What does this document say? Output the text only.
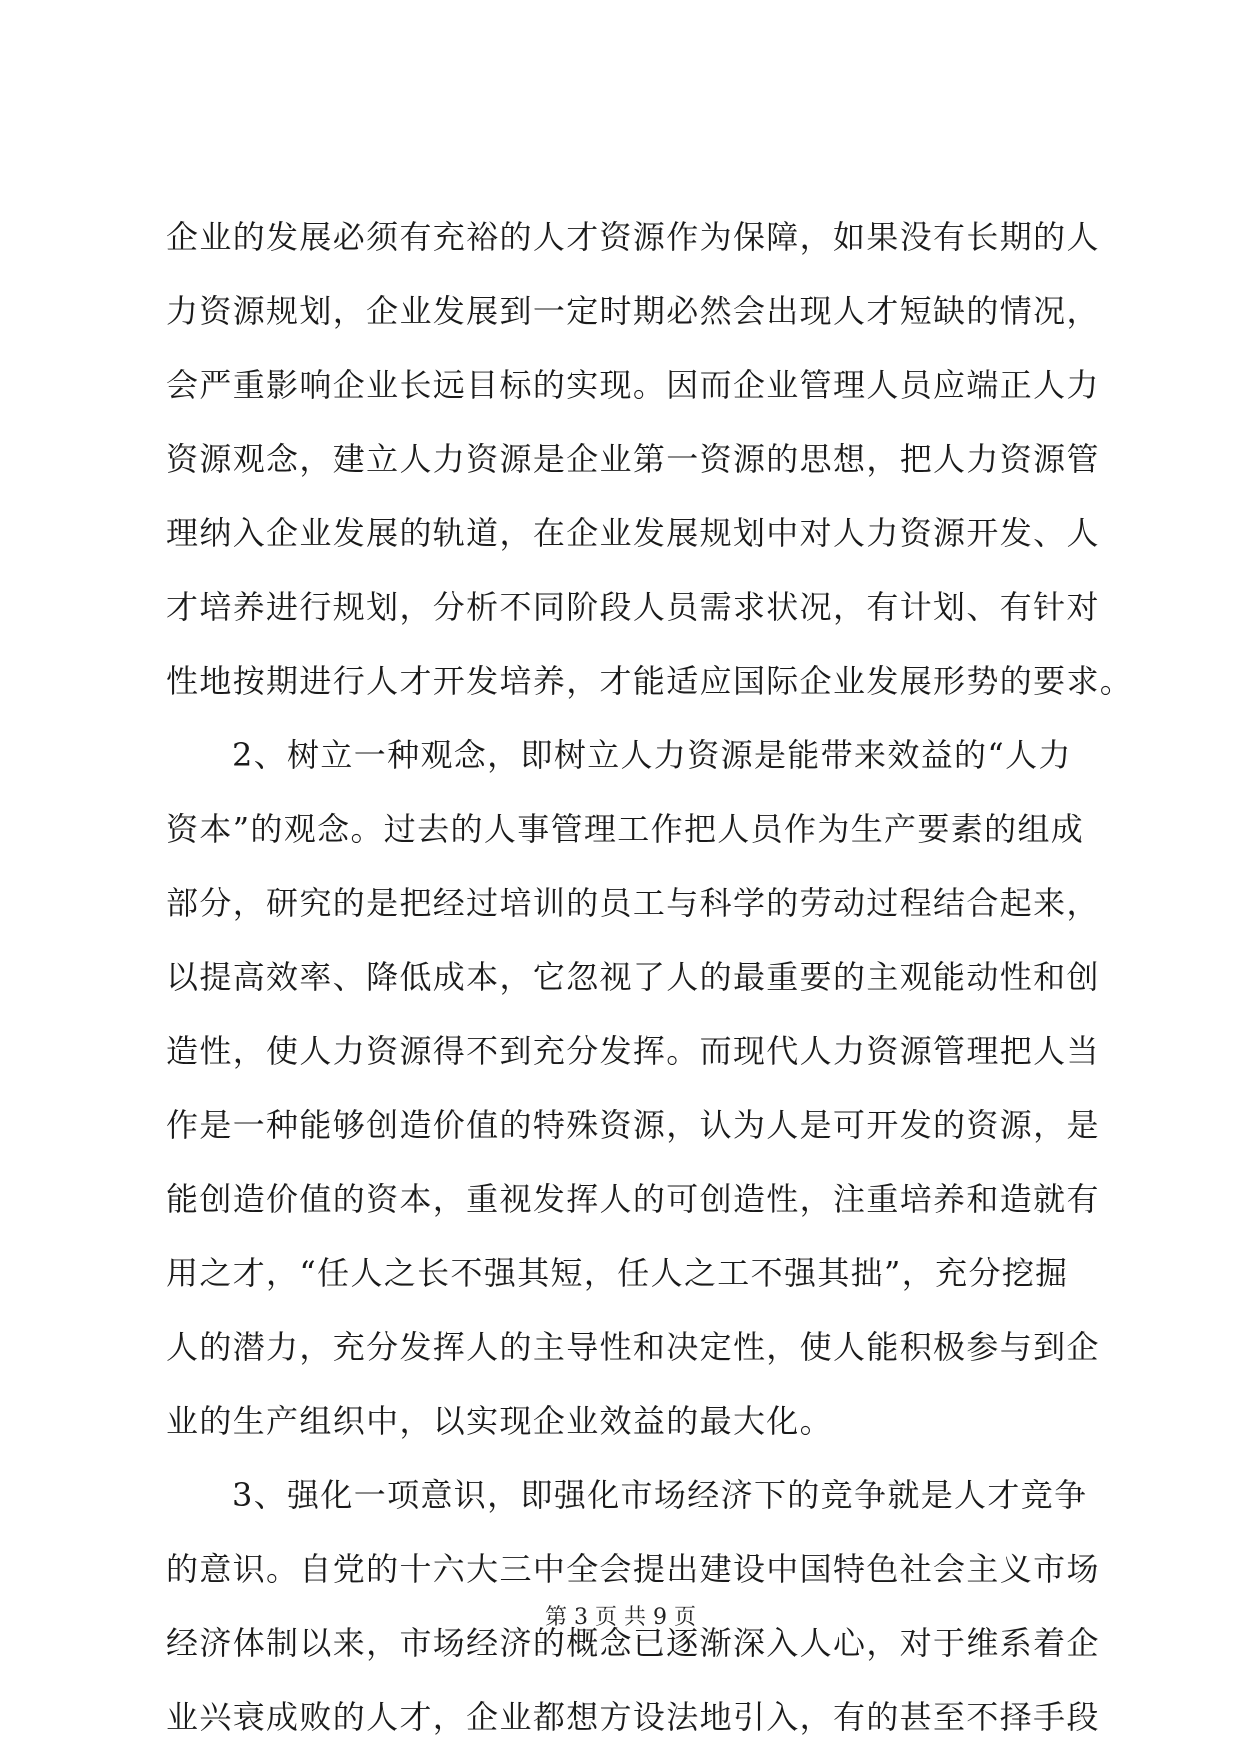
企业的发展必须有充裕的人才资源作为保障，如果没有长期的人
力资源规划，企业发展到一定时期必然会出现人才短缺的情况，
会严重影响企业长远目标的实现。因而企业管理人员应端正人力
资源观念，建立人力资源是企业第一资源的思想，把人力资源管
理纳入企业发展的轨道，在企业发展规划中对人力资源开发、人
才培养进行规划，分析不同阶段人员需求状况，有计划、有针对
性地按期进行人才开发培养，才能适应国际企业发展形势的要求。
2、树立一种观念，即树立人力资源是能带来效益的“人力
资本”的观念。过去的人事管理工作把人员作为生产要素的组成
部分，研究的是把经过培训的员工与科学的劳动过程结合起来，
以提高效率、降低成本，它忽视了人的最重要的主观能动性和创
造性，使人力资源得不到充分发挥。而现代人力资源管理把人当
作是一种能够创造价值的特殊资源，认为人是可开发的资源，是
能创造价值的资本，重视发挥人的可创造性，注重培养和造就有
用之才，“任人之长不强其短，任人之工不强其拙”，充分挖掘
人的潜力，充分发挥人的主导性和决定性，使人能积极参与到企
业的生产组织中，以实现企业效益的最大化。
3、强化一项意识，即强化市场经济下的竞争就是人才竞争
的意识。自党的十六大三中全会提出建设中国特色社会主义市场
经济体制以来，市场经济的概念已逐渐深入人心，对于维系着企
业兴衰成败的人才，企业都想方设法地引入，有的甚至不择手段
第 3 页 共 9 页
